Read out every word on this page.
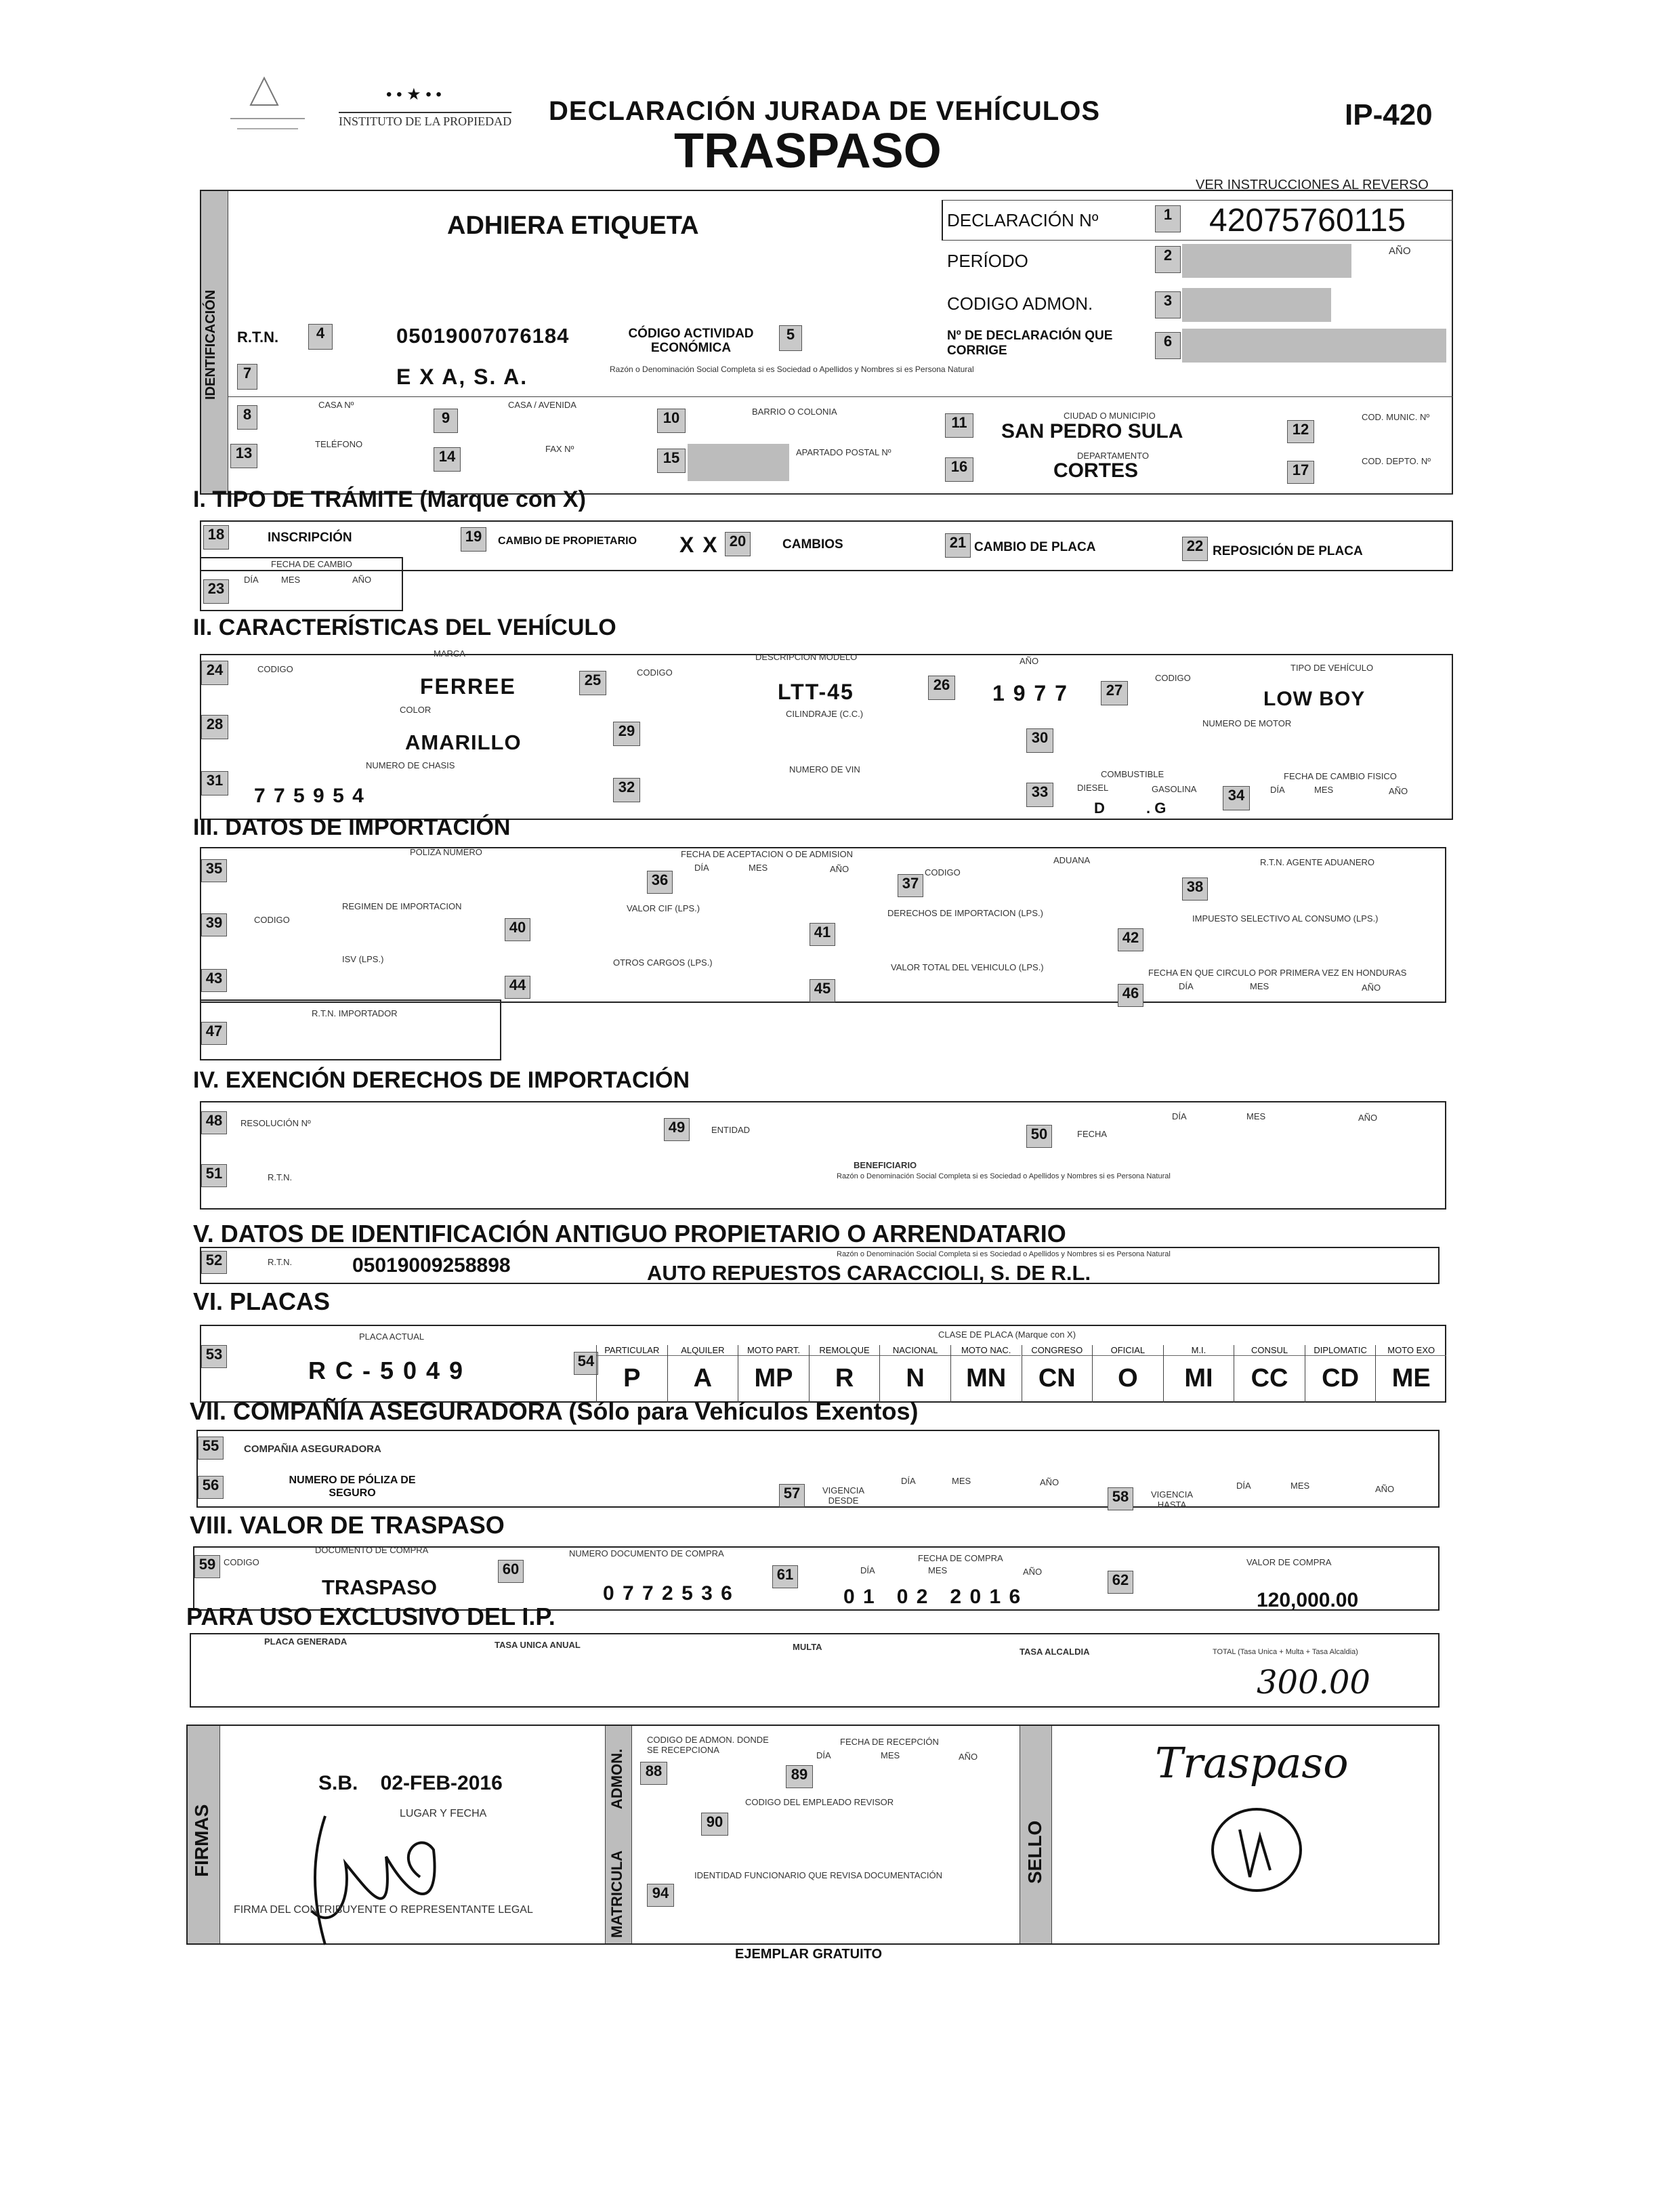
• • ★ • •
INSTITUTO DE LA PROPIEDAD DECLARACIÓN JURADA DE VEHÍCULOS
TRASPASO
IP-420
VER INSTRUCCIONES AL REVERSO
IDENTIFICACIÓN
ADHIERA ETIQUETA	DECLARACIÓN Nº	1 42075760115
PERÍODO	2	AÑO
CODIGO ADMON.	3
R.T.N.	4	05019007076184	CÓDIGO ACTIVIDAD ECONÓMICA
5	Nº DE DECLARACIÓN QUE CORRIGE
6
7	Razón o Denominación Social Completa si es Sociedad o Apellidos y Nombres si es Persona Natural
E X A, S. A.
8
CASA Nº
9
CASA / AVENIDA
10	BARRIO O COLONIA
11	CIUDAD O MUNICIPIO
SAN PEDRO SULA	12
COD. MUNIC. Nº
13
TELÉFONO
14	FAX Nº
15	APARTADO POSTAL Nº
16
DEPARTAMENTO
CORTES	17
COD. DEPTO. Nº
I. TIPO DE TRÁMITE (Marque con X)
18	INSCRIPCIÓN	19	CAMBIO DE PROPIETARIO X X 20	CAMBIOS	21 CAMBIO DE PLACA	22 REPOSICIÓN DE PLACA
FECHA DE CAMBIO
23
DÍA	MES	AÑO
II. CARACTERÍSTICAS DEL VEHÍCULO
24	CODIGO
MARCA
FERREE	25
DESCRIPCION MODELO
CODIGO
LTT-45	26
AÑO
1 9 7 7	27
CODIGO
TIPO DE VEHÍCULO
LOW BOY
28
COLOR
AMARILLO	29
CILINDRAJE (C.C.)
30
NUMERO DE MOTOR
31
NUMERO DE CHASIS
7 7 5 9 5 4	32
NUMERO DE VIN
33
COMBUSTIBLE
DIESEL	GASOLINA
D          . G
34
FECHA DE CAMBIO FISICO
DÍA	MES	AÑO
III. DATOS DE IMPORTACIÓN
35
POLIZA NUMERO
36
FECHA DE ACEPTACION O DE ADMISION
DÍA	MES	AÑO
37
CODIGO
ADUANA
38
R.T.N. AGENTE ADUANERO
39	CODIGO
REGIMEN DE IMPORTACION
40
VALOR CIF (LPS.)
41
DERECHOS DE IMPORTACION (LPS.)
42
IMPUESTO SELECTIVO AL CONSUMO (LPS.)
43
ISV (LPS.)
44
OTROS CARGOS (LPS.)
45
VALOR TOTAL DEL VEHICULO (LPS.)
46
FECHA EN QUE CIRCULO POR PRIMERA VEZ EN HONDURAS
DÍA	MES	AÑO
R.T.N. IMPORTADOR
47
IV. EXENCIÓN DERECHOS DE IMPORTACIÓN
48	RESOLUCIÓN Nº	49	ENTIDAD	50	FECHA
DÍA	MES	AÑO
51	R.T.N.
BENEFICIARIO
Razón o Denominación Social Completa si es Sociedad o Apellidos y Nombres si es Persona Natural
V. DATOS DE IDENTIFICACIÓN ANTIGUO PROPIETARIO O ARRENDATARIO
52	R.T.N.	05019009258898	Razón o Denominación Social Completa si es Sociedad o Apellidos y Nombres si es Persona Natural
AUTO REPUESTOS CARACCIOLI, S. DE R.L.
VI. PLACAS
53
PLACA ACTUAL
R C - 5 0 4 9	54
CLASE DE PLACA (Marque con X)
PARTICULAR
P
ALQUILER
A
MOTO PART.
MP
REMOLQUE
R
NACIONAL
N
MOTO NAC.
MN
CONGRESO
CN
OFICIAL
O
M.I.
MI
CONSUL
CC
DIPLOMATIC
CD
MOTO EXO
ME
VII. COMPAÑÍA ASEGURADORA (Sólo para Vehículos Exentos)
55	COMPAÑIA ASEGURADORA
56	NUMERO DE PÓLIZA DE SEGURO	57	VIGENCIA DESDE
DÍA	MES	AÑO
58	VIGENCIA HASTA
DÍA	MES	AÑO
VIII. VALOR DE TRASPASO
59 CODIGO
DOCUMENTO DE COMPRA
TRASPASO
60
NUMERO DOCUMENTO DE COMPRA
0 7 7 2 5 3 6
61
FECHA DE COMPRA
DÍA	MES	AÑO
0 1   0 2   2 0 1 6
62
VALOR DE COMPRA
120,000.00
PARA USO EXCLUSIVO DEL I.P.
PLACA GENERADA	TASA UNICA ANUAL	MULTA	TASA ALCALDIA	TOTAL (Tasa Unica + Multa + Tasa Alcaldia)
300.00
FIRMAS
S.B.    02-FEB-2016
LUGAR Y FECHA
FIRMA DEL CONTRIBUYENTE O REPRESENTANTE LEGAL
ADMON.
MATRICULA
CODIGO DE ADMON. DONDE SE RECEPCIONA
FECHA DE RECEPCIÓN
88	89
DÍA	MES	AÑO
CODIGO DEL EMPLEADO REVISOR
90
IDENTIDAD FUNCIONARIO QUE REVISA DOCUMENTACIÓN
94
SELLO
Traspaso
EJEMPLAR GRATUITO
